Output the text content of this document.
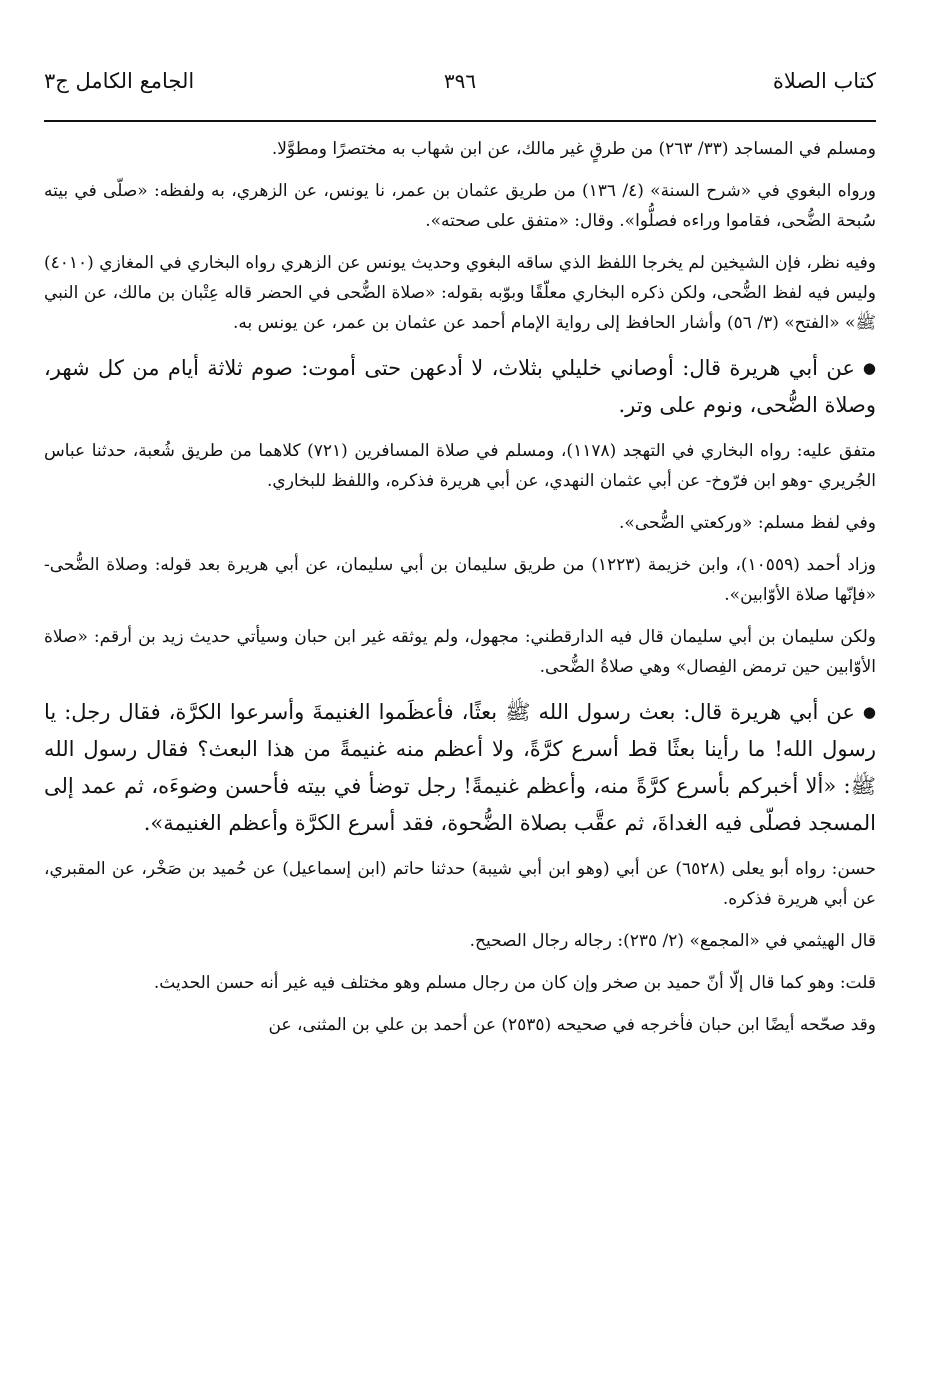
كتاب الصلاة
٣٩٦
الجامع الكامل ج٣

ومسلم في المساجد (٣٣/ ٢٦٣) من طرقٍ غير مالك، عن ابن شهاب به مختصرًا ومطوَّلا.

ورواه البغوي في «شرح السنة» (٤/ ١٣٦) من طريق عثمان بن عمر، نا يونس، عن الزهري، به ولفظه: «صلّى في بيته سُبحة الضُّحى، فقاموا وراءه فصلُّوا». وقال: «متفق على صحته».

وفيه نظر، فإن الشيخين لم يخرجا اللفظ الذي ساقه البغوي وحديث يونس عن الزهري رواه البخاري في المغازي (٤٠١٠) وليس فيه لفظ الضُّحى، ولكن ذكره البخاري معلّقًا وبوّبه بقوله: «صلاة الضُّحى في الحضر قاله عِتْبان بن مالك، عن النبي ﷺ» «الفتح» (٣/ ٥٦) وأشار الحافظ إلى رواية الإمام أحمد عن عثمان بن عمر، عن يونس به.

●عن أبي هريرة قال: أوصاني خليلي بثلاث، لا أدعهن حتى أموت: صوم ثلاثة أيام من كل شهر، وصلاة الضُّحى، ونوم على وتر.

متفق عليه: رواه البخاري في التهجد (١١٧٨)، ومسلم في صلاة المسافرين (٧٢١) كلاهما من طريق شُعبة، حدثنا عباس الجُريري -وهو ابن فرّوخ- عن أبي عثمان النهدي، عن أبي هريرة فذكره، واللفظ للبخاري.

وفي لفظ مسلم: «وركعتي الضُّحى».

وزاد أحمد (١٠٥٥٩)، وابن خزيمة (١٢٢٣) من طريق سليمان بن أبي سليمان، عن أبي هريرة بعد قوله: وصلاة الضُّحى- «فإنّها صلاة الأوّابين».

ولكن سليمان بن أبي سليمان قال فيه الدارقطني: مجهول، ولم يوثقه غير ابن حبان وسيأتي حديث زيد بن أرقم: «صلاة الأوّابين حين ترمض الفِصال» وهي صلاةُ الضُّحى.

●عن أبي هريرة قال: بعث رسول الله ﷺ بعثًا، فأعظَموا الغنيمةَ وأسرعوا الكرَّة، فقال رجل: يا رسول الله! ما رأينا بعثًا قط أسرع كرَّةً، ولا أعظم منه غنيمةً من هذا البعث؟ فقال رسول الله ﷺ: «ألا أخبركم بأسرع كرَّةً منه، وأعظم غنيمةً! رجل توضأ في بيته فأحسن وضوءَه، ثم عمد إلى المسجد فصلّى فيه الغداةَ، ثم عقَّب بصلاة الضُّحوة، فقد أسرع الكرَّة وأعظم الغنيمة».

حسن: رواه أبو يعلى (٦٥٢٨) عن أبي (وهو ابن أبي شيبة) حدثنا حاتم (ابن إسماعيل) عن حُميد بن صَخْر، عن المقبري، عن أبي هريرة فذكره.

قال الهيثمي في «المجمع» (٢/ ٢٣٥): رجاله رجال الصحيح.

قلت: وهو كما قال إلّا أنّ حميد بن صخر وإن كان من رجال مسلم وهو مختلف فيه غير أنه حسن الحديث.

وقد صحّحه أيضًا ابن حبان فأخرجه في صحيحه (٢٥٣٥) عن أحمد بن علي بن المثنى، عن
